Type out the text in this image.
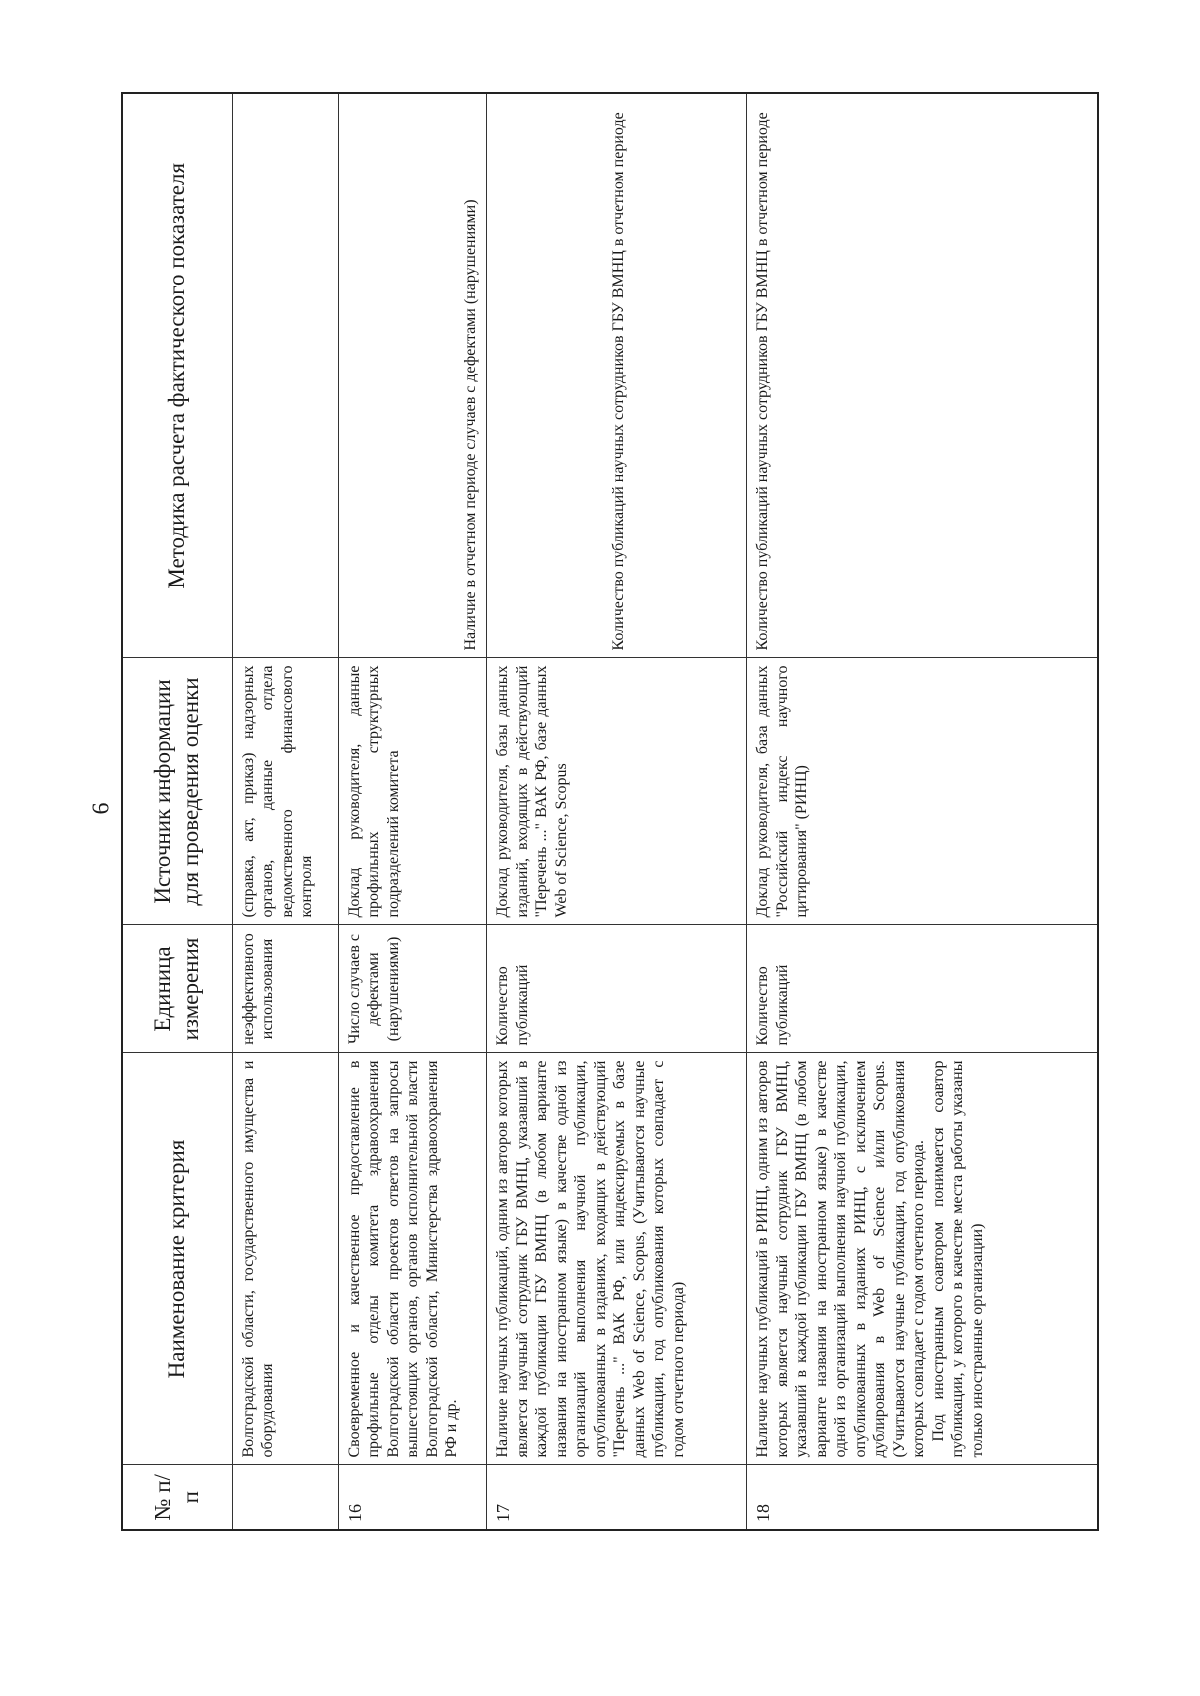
6
№ п/п	Наименование критерия	Единица измерения	Источник информации для проведения оценки	Методика расчета фактического показателя
	Волгоградской области, государственного имущества и оборудования	неэффективного использования	(справка, акт, приказ) надзорных органов, данные отдела ведомственного финансового контроля	
16	Своевременное и качественное предоставление в профильные отделы комитета здравоохранения Волгоградской области проектов ответов на запросы вышестоящих органов, органов исполнительной власти Волгоградской области, Министерства здравоохранения РФ и др.	Число случаев с дефектами (нарушениями)	Доклад руководителя, данные профильных структурных подразделений комитета	Наличие в отчетном периоде случаев с дефектами (нарушениями)
17	Наличие научных публикаций, одним из авторов которых является научный сотрудник ГБУ ВМНЦ, указавший в каждой публикации ГБУ ВМНЦ (в любом варианте названия на иностранном языке) в качестве одной из организаций выполнения научной публикации, опубликованных в изданиях, входящих в действующий "Перечень ..." ВАК РФ, или индексируемых в базе данных Web of Science, Scopus, (Учитываются научные публикации, год опубликования которых совпадает с годом отчетного периода)	Количество публикаций	Доклад руководителя, базы данных изданий, входящих в действующий "Перечень ..." ВАК РФ, базе данных Web of Science, Scopus	Количество публикаций научных сотрудников ГБУ ВМНЦ в отчетном периоде
18	Наличие научных публикаций в РИНЦ, одним из авторов которых является научный сотрудник ГБУ ВМНЦ, указавший в каждой публикации ГБУ ВМНЦ (в любом варианте названия на иностранном языке) в качестве одной из организаций выполнения научной публикации, опубликованных в изданиях РИНЦ, с исключением дублирования в Web of Science и/или Scopus. (Учитываются научные публикации, год опубликования которых совпадает с годом отчетного периода. Под иностранным соавтором понимается соавтор публикации, у которого в качестве места работы указаны только иностранные организации)	Количество публикаций	Доклад руководителя, база данных "Российский индекс научного цитирования" (РИНЦ)	Количество публикаций научных сотрудников ГБУ ВМНЦ в отчетном периоде
